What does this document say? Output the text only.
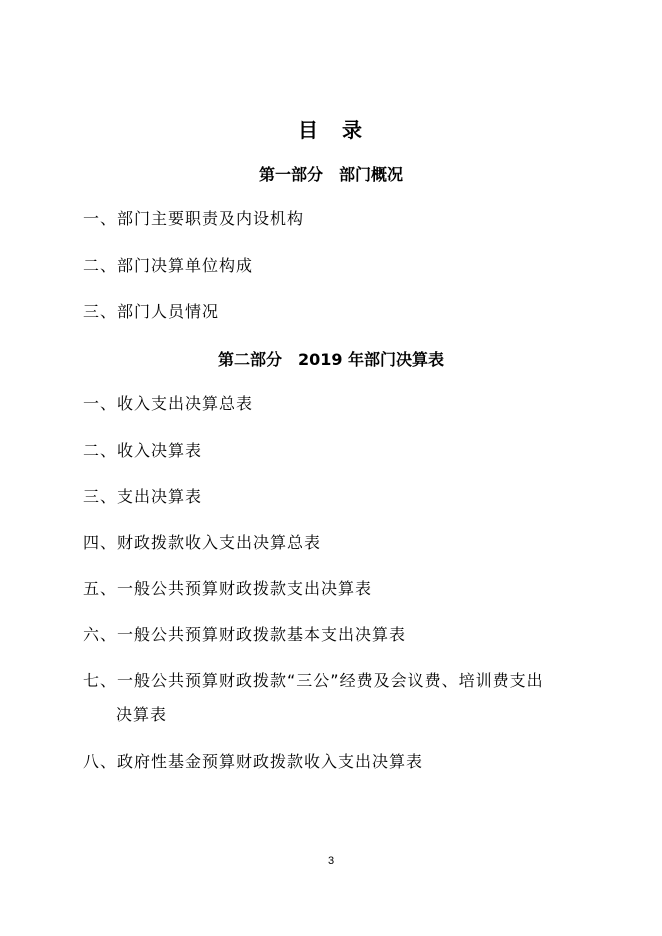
目　录
第一部分　部门概况
一、部门主要职责及内设机构
二、部门决算单位构成
三、部门人员情况
第二部分　2019 年部门决算表
一、收入支出决算总表
二、收入决算表
三、支出决算表
四、财政拨款收入支出决算总表
五、一般公共预算财政拨款支出决算表
六、一般公共预算财政拨款基本支出决算表
七、一般公共预算财政拨款“三公”经费及会议费、培训费支出
决算表
八、政府性基金预算财政拨款收入支出决算表
3
